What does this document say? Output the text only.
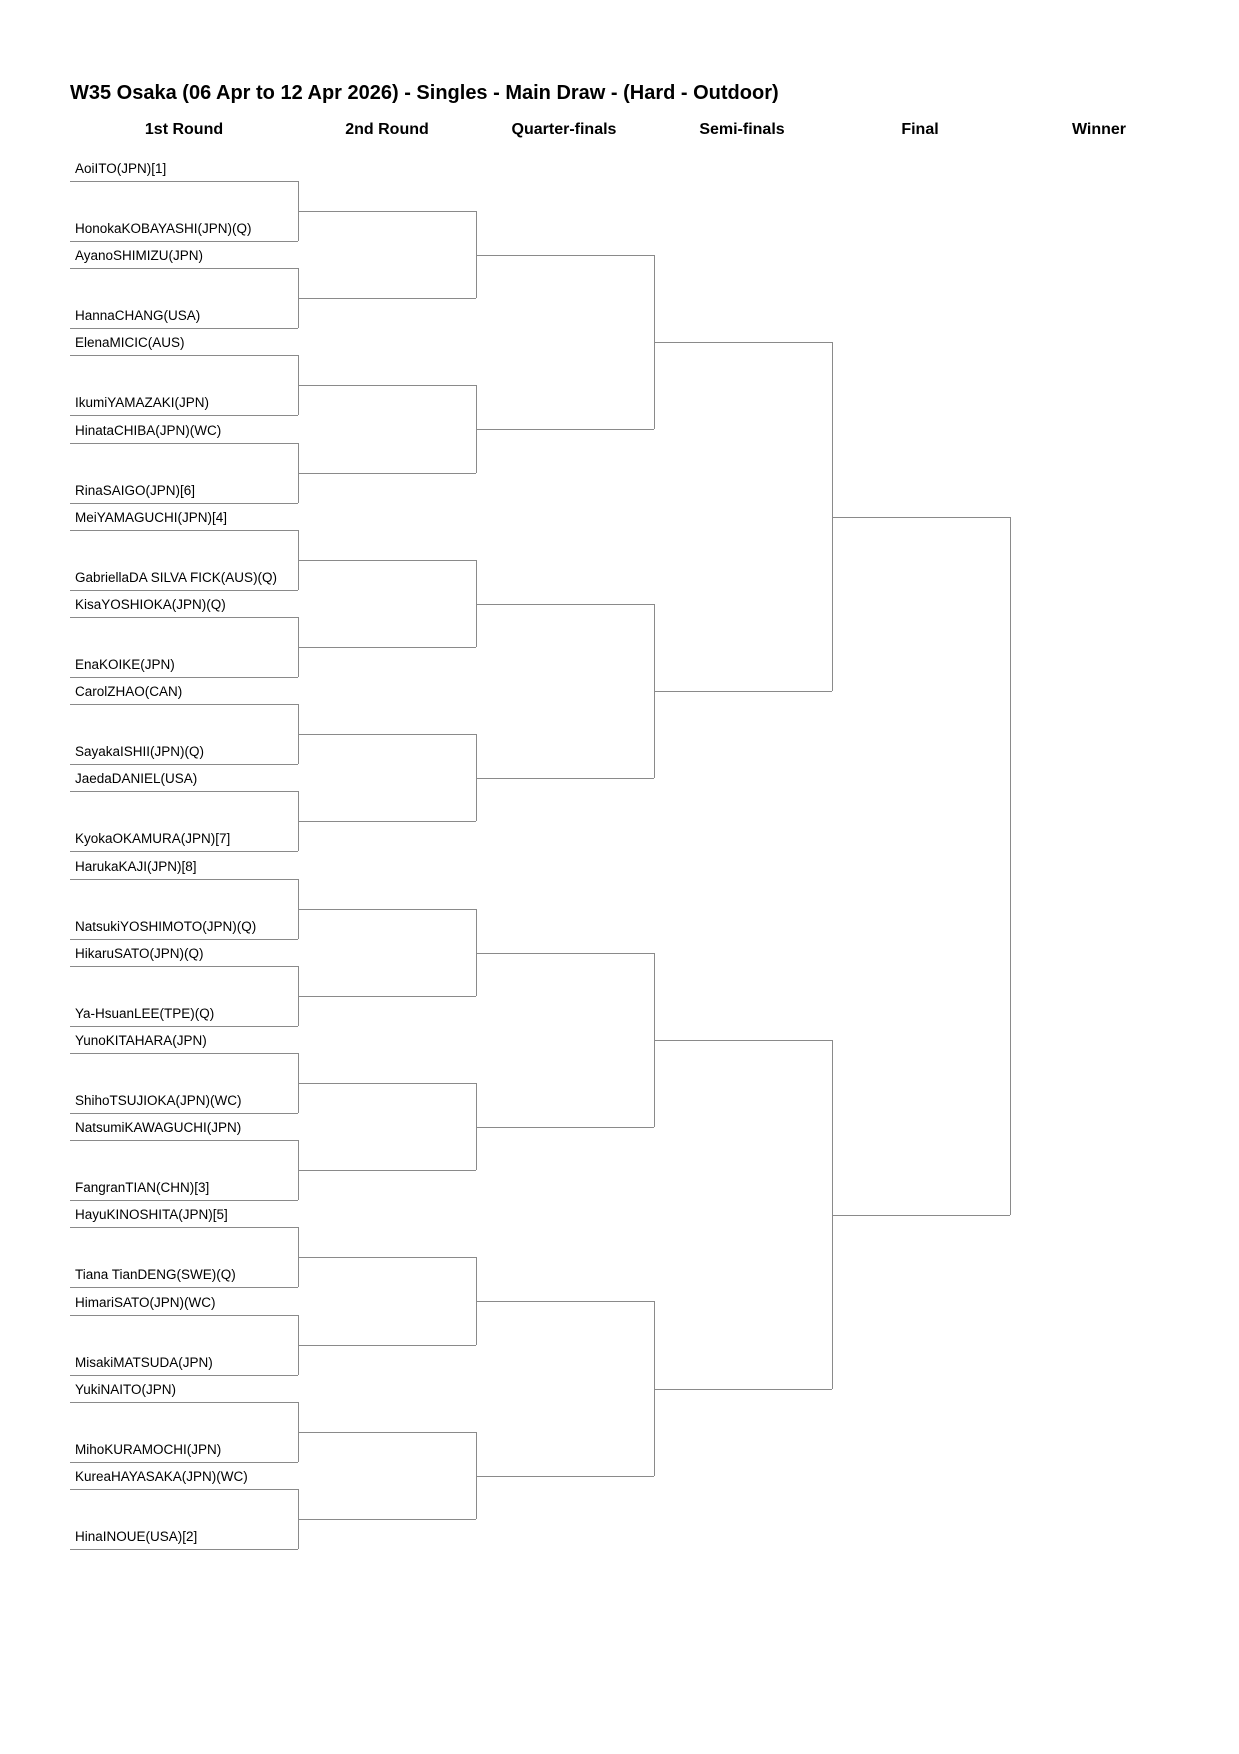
W35 Osaka (06 Apr to 12 Apr 2026) - Singles - Main Draw - (Hard - Outdoor)
1st Round	2nd Round	Quarter-finals	Semi-finals	Final	Winner
AoiITO(JPN)[1]
HonokaKOBAYASHI(JPN)(Q)
AyanoSHIMIZU(JPN)
HannaCHANG(USA)
ElenaMICIC(AUS)
IkumiYAMAZAKI(JPN)
HinataCHIBA(JPN)(WC)
RinaSAIGO(JPN)[6]
MeiYAMAGUCHI(JPN)[4]
GabriellaDA SILVA FICK(AUS)(Q)
KisaYOSHIOKA(JPN)(Q)
EnaKOIKE(JPN)
CarolZHAO(CAN)
SayakaISHII(JPN)(Q)
JaedaDANIEL(USA)
KyokaOKAMURA(JPN)[7]
HarukaKAJI(JPN)[8]
NatsukiYOSHIMOTO(JPN)(Q)
HikaruSATO(JPN)(Q)
Ya-HsuanLEE(TPE)(Q)
YunoKITAHARA(JPN)
ShihoTSUJIOKA(JPN)(WC)
NatsumiKAWAGUCHI(JPN)
FangranTIAN(CHN)[3]
HayuKINOSHITA(JPN)[5]
Tiana TianDENG(SWE)(Q)
HimariSATO(JPN)(WC)
MisakiMATSUDA(JPN)
YukiNAITO(JPN)
MihoKURAMOCHI(JPN)
KureaHAYASAKA(JPN)(WC)
HinaINOUE(USA)[2]
